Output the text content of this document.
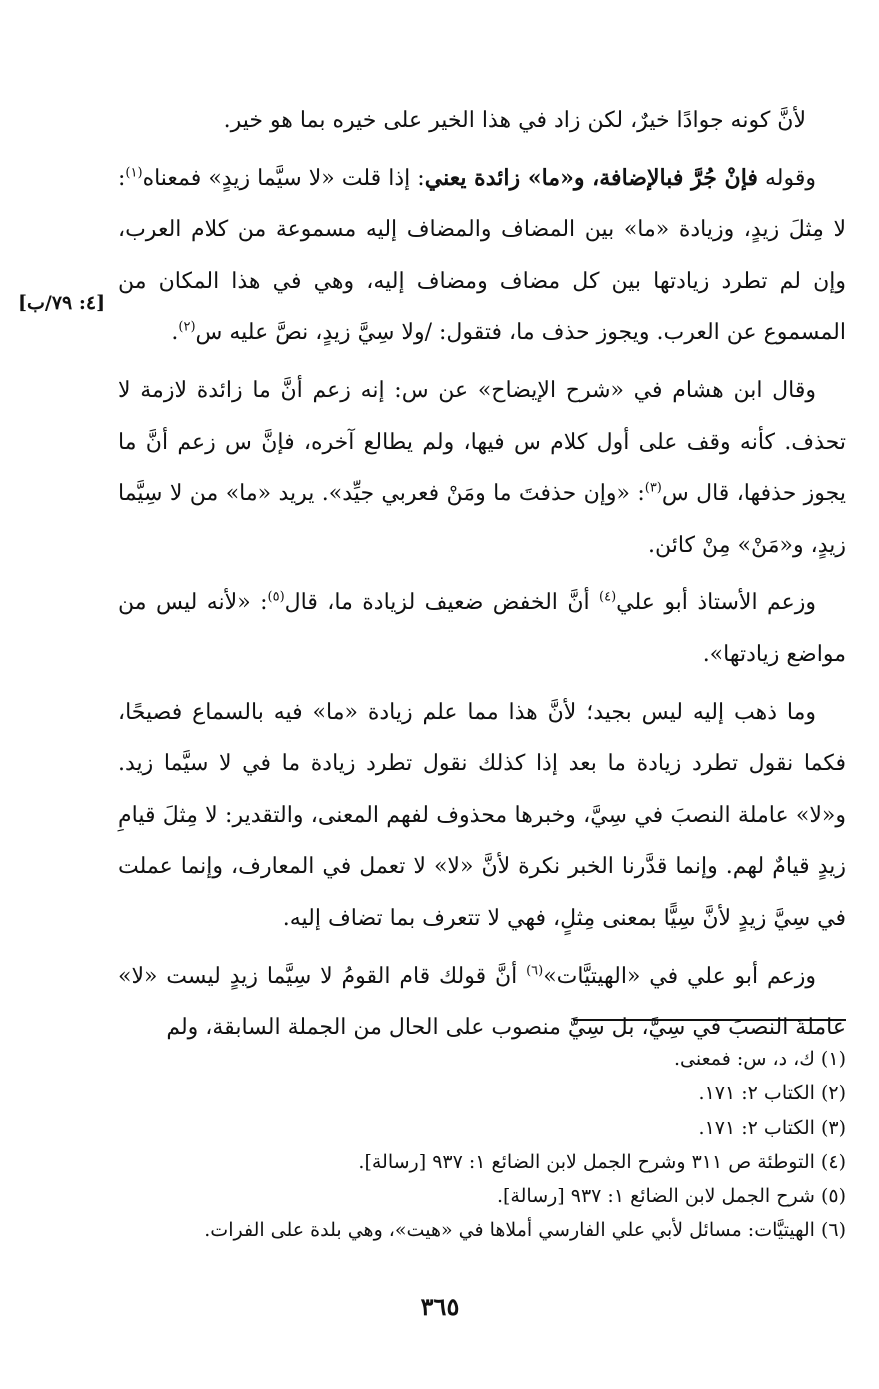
[٤: ٧٩/ب]

لأنَّ كونه جوادًا خيرٌ، لكن زاد في هذا الخير على خيره بما هو خير.

وقوله فإنْ جُرَّ فبالإضافة، و«ما» زائدة يعني: إذا قلت «لا سيَّما زيدٍ» فمعناه$^{(١)}$: لا مِثلَ زيدٍ، وزيادة «ما» بين المضاف والمضاف إليه مسموعة من كلام العرب، وإن لم تطرد زيادتها بين كل مضاف ومضاف إليه، وهي في هذا المكان من المسموع عن العرب. ويجوز حذف ما، فتقول: /ولا سِيَّ زيدٍ، نصَّ عليه س$^{(٢)}$.

وقال ابن هشام في «شرح الإيضاح» عن س: إنه زعم أنَّ ما زائدة لازمة لا تحذف. كأنه وقف على أول كلام س فيها، ولم يطالع آخره، فإنَّ س زعم أنَّ ما يجوز حذفها، قال س$^{(٣)}$: «وإن حذفتَ ما ومَنْ فعربي جيِّد». يريد «ما» من لا سِيَّما زيدٍ، و«مَنْ» مِنْ كائن.

وزعم الأستاذ أبو علي$^{(٤)}$ أنَّ الخفض ضعيف لزيادة ما، قال$^{(٥)}$: «لأنه ليس من مواضع زيادتها».

وما ذهب إليه ليس بجيد؛ لأنَّ هذا مما علم زيادة «ما» فيه بالسماع فصيحًا، فكما نقول تطرد زيادة ما بعد إذا كذلك نقول تطرد زيادة ما في لا سيَّما زيد. و«لا» عاملة النصبَ في سِيَّ، وخبرها محذوف لفهم المعنى، والتقدير: لا مِثلَ قيامِ زيدٍ قيامٌ لهم. وإنما قدَّرنا الخبر نكرة لأنَّ «لا» لا تعمل في المعارف، وإنما عملت في سِيَّ زيدٍ لأنَّ سِيًّا بمعنى مِثلٍ، فهي لا تتعرف بما تضاف إليه.

وزعم أبو علي في «الهيتيَّات»$^{(٦)}$ أنَّ قولك قام القومُ لا سِيَّما زيدٍ ليست «لا» عاملةَ النصبَ في سِيَّ، بل سِيَّ منصوب على الحال من الجملة السابقة، ولم

(١) ك، د، س: فمعنى.
(٢) الكتاب ٢: ١٧١.
(٣) الكتاب ٢: ١٧١.
(٤) التوطئة ص ٣١١ وشرح الجمل لابن الضائع ١: ٩٣٧ [رسالة].
(٥) شرح الجمل لابن الضائع ١: ٩٣٧ [رسالة].
(٦) الهيتيَّات: مسائل لأبي علي الفارسي أملاها في «هيت»، وهي بلدة على الفرات.
٣٦٥
